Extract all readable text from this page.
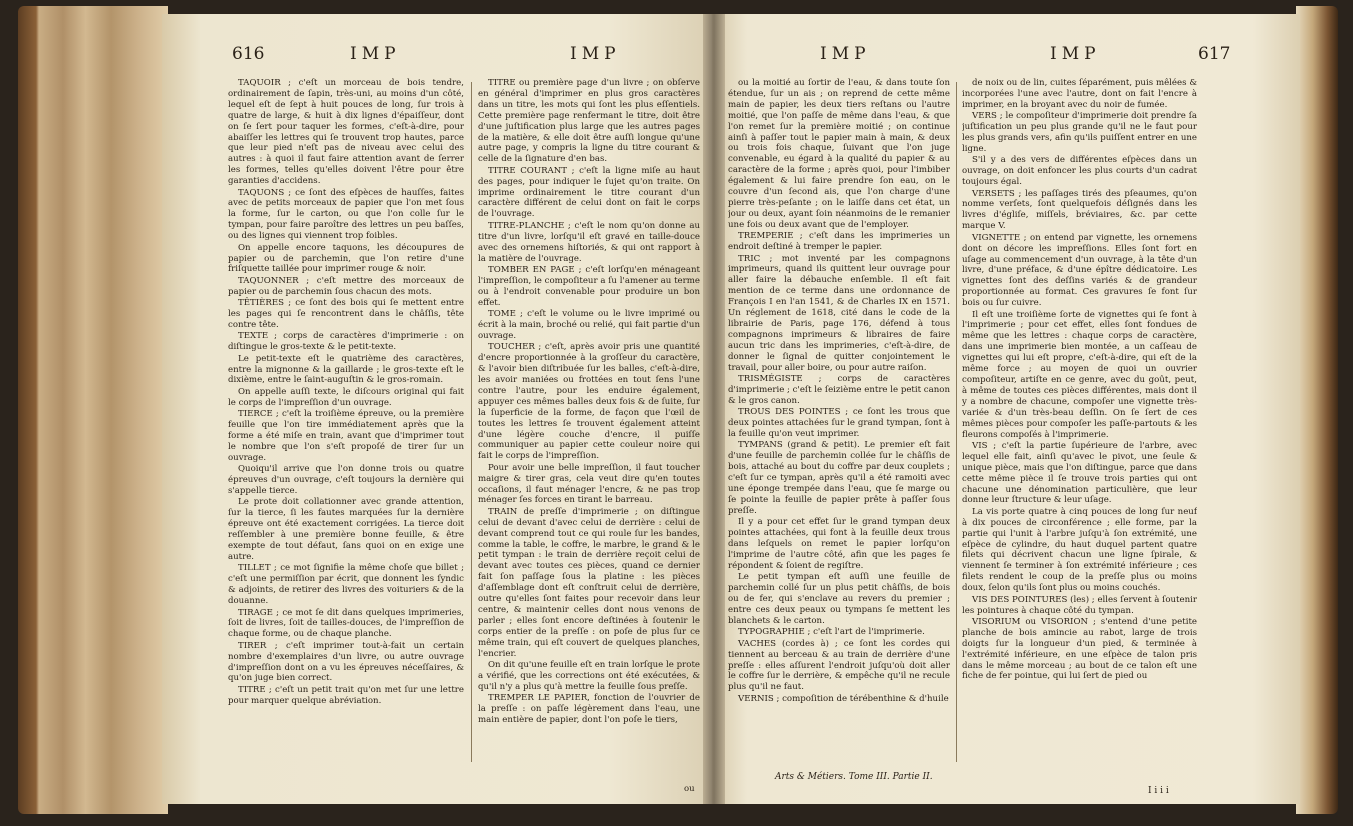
616	IMP	IMP

TAQUOIR ; c'eſt un morceau de bois tendre, ordinairement de ſapin, très-uni, au moins d'un côté, lequel eſt de ſept à huit pouces de long, ſur trois à quatre de large, & huit à dix lignes d'épaiſſeur, dont on ſe ſert pour taquer les formes, c'eſt-à-dire, pour abaiſſer les lettres qui ſe trouvent trop hautes, parce que leur pied n'eſt pas de niveau avec celui des autres : à quoi il faut faire attention avant de ſerrer les formes, telles qu'elles doivent l'être pour être garanties d'accidens.

TAQUONS ; ce ſont des eſpèces de hauſſes, faites avec de petits morceaux de papier que l'on met ſous la forme, ſur le carton, ou que l'on colle ſur le tympan, pour faire paroître des lettres un peu baſſes, ou des lignes qui viennent trop foibles.

On appelle encore taquons, les découpures de papier ou de parchemin, que l'on retire d'une friſquette taillée pour imprimer rouge & noir.

TAQUONNER ; c'eſt mettre des morceaux de papier ou de parchemin ſous chacun des mots.

TÊTIÈRES ; ce ſont des bois qui ſe mettent entre les pages qui ſe rencontrent dans le châſſis, tête contre tête.

TEXTE ; corps de caractères d'imprimerie : on diſtingue le gros-texte & le petit-texte.

Le petit-texte eſt le quatrième des caractères, entre la mignonne & la gaillarde ; le gros-texte eſt le dixième, entre le ſaint-auguſtin & le gros-romain.

On appelle auſſi texte, le diſcours original qui fait le corps de l'impreſſion d'un ouvrage.

TIERCE ; c'eſt la troiſième épreuve, ou la première feuille que l'on tire immédiatement après que la forme a été miſe en train, avant que d'imprimer tout le nombre que l'on s'eſt propoſé de tirer ſur un ouvrage.

Quoiqu'il arrive que l'on donne trois ou quatre épreuves d'un ouvrage, c'eſt toujours la dernière qui s'appelle tierce.

Le prote doit collationner avec grande attention, ſur la tierce, ſi les fautes marquées ſur la dernière épreuve ont été exactement corrigées. La tierce doit reſſembler à une première bonne feuille, & être exempte de tout défaut, ſans quoi on en exige une autre.

TILLET ; ce mot ſignifie la même choſe que billet ; c'eſt une permiſſion par écrit, que donnent les ſyndic & adjoints, de retirer des livres des voituriers & de la douanne.

TIRAGE ; ce mot ſe dit dans quelques imprimeries, ſoit de livres, ſoit de tailles-douces, de l'impreſſion de chaque forme, ou de chaque planche.

TIRER ; c'eſt imprimer tout-à-fait un certain nombre d'exemplaires d'un livre, ou autre ouvrage d'impreſſion dont on a vu les épreuves néceſſaires, & qu'on juge bien correct.

TITRE ; c'eſt un petit trait qu'on met ſur une lettre pour marquer quelque abréviation.

TITRE ou première page d'un livre ; on obſerve en général d'imprimer en plus gros caractères dans un titre, les mots qui ſont les plus eſſentiels. Cette première page renfermant le titre, doit être d'une juſtification plus large que les autres pages de la matière, & elle doit être auſſi longue qu'une autre page, y compris la ligne du titre courant & celle de la ſignature d'en bas.

TITRE COURANT ; c'eſt la ligne miſe au haut des pages, pour indiquer le ſujet qu'on traite. On imprime ordinairement le titre courant d'un caractère différent de celui dont on fait le corps de l'ouvrage.

TITRE-PLANCHE ; c'eſt le nom qu'on donne au titre d'un livre, lorſqu'il eſt gravé en taille-douce avec des ornemens hiſtoriés, & qui ont rapport à la matière de l'ouvrage.

TOMBER EN PAGE ; c'eſt lorſqu'en ménageant l'impreſſion, le compoſiteur a ſu l'amener au terme ou à l'endroit convenable pour produire un bon effet.

TOME ; c'eſt le volume ou le livre imprimé ou écrit à la main, broché ou relié, qui fait partie d'un ouvrage.

TOUCHER ; c'eſt, après avoir pris une quantité d'encre proportionnée à la groſſeur du caractère, & l'avoir bien diſtribuée ſur les balles, c'eſt-à-dire, les avoir maniées ou frottées en tout ſens l'une contre l'autre, pour les enduire également, appuyer ces mêmes balles deux fois & de ſuite, ſur la ſuperficie de la forme, de façon que l'œil de toutes les lettres ſe trouvent également atteint d'une légère couche d'encre, il puiſſe communiquer au papier cette couleur noire qui fait le corps de l'impreſſion.

Pour avoir une belle impreſſion, il faut toucher maigre & tirer gras, cela veut dire qu'en toutes occaſions, il faut ménager l'encre, & ne pas trop ménager ſes forces en tirant le barreau.

TRAIN de preſſe d'imprimerie ; on diſtingue celui de devant d'avec celui de derrière : celui de devant comprend tout ce qui roule ſur les bandes, comme la table, le coffre, le marbre, le grand & le petit tympan : le train de derrière reçoit celui de devant avec toutes ces pièces, quand ce dernier fait ſon paſſage ſous la platine : les pièces d'aſſemblage dont eſt conſtruit celui de derrière, outre qu'elles ſont faites pour recevoir dans leur centre, & maintenir celles dont nous venons de parler ; elles ſont encore deſtinées à ſoutenir le corps entier de la preſſe : on poſe de plus ſur ce même train, qui eſt couvert de quelques planches, l'encrier.

On dit qu'une feuille eſt en train lorſque le prote a vérifié, que les corrections ont été exécutées, & qu'il n'y a plus qu'à mettre la feuille ſous preſſe.

TREMPER LE PAPIER, fonction de l'ouvrier de la preſſe : on paſſe légèrement dans l'eau, une main entière de papier, dont l'on poſe le tiers,

ou
IMP	IMP	617

ou la moitié au ſortir de l'eau, & dans toute ſon étendue, ſur un ais ; on reprend de cette même main de papier, les deux tiers reſtans ou l'autre moitié, que l'on paſſe de même dans l'eau, & que l'on remet ſur la première moitié ; on continue ainſi à paſſer tout le papier main à main, & deux ou trois fois chaque, ſuivant que l'on juge convenable, eu égard à la qualité du papier & au caractère de la forme ; après quoi, pour l'imbiber également & lui faire prendre ſon eau, on le couvre d'un ſecond ais, que l'on charge d'une pierre très-peſante ; on le laiſſe dans cet état, un jour ou deux, ayant ſoin néanmoins de le remanier une fois ou deux avant que de l'employer.

TREMPERIE ; c'eſt dans les imprimeries un endroit deſtiné à tremper le papier.

TRIC ; mot inventé par les compagnons imprimeurs, quand ils quittent leur ouvrage pour aller faire la débauche enſemble. Il eſt fait mention de ce terme dans une ordonnance de François I en l'an 1541, & de Charles IX en 1571. Un réglement de 1618, cité dans le code de la librairie de Paris, page 176, défend à tous compagnons imprimeurs & libraires de faire aucun tric dans les imprimeries, c'eſt-à-dire, de donner le ſignal de quitter conjointement le travail, pour aller boire, ou pour autre raiſon.

TRISMÉGISTE ; corps de caractères d'imprimerie ; c'eſt le ſeizième entre le petit canon & le gros canon.

TROUS DES POINTES ; ce ſont les trous que deux pointes attachées ſur le grand tympan, ſont à la feuille qu'on veut imprimer.

TYMPANS (grand & petit). Le premier eſt fait d'une feuille de parchemin collée ſur le châſſis de bois, attaché au bout du coffre par deux couplets ; c'eſt ſur ce tympan, après qu'il a été ramoiti avec une éponge trempée dans l'eau, que ſe marge ou ſe pointe la feuille de papier prête à paſſer ſous preſſe.

Il y a pour cet effet ſur le grand tympan deux pointes attachées, qui font à la feuille deux trous dans leſquels on remet le papier lorſqu'on l'imprime de l'autre côté, afin que les pages ſe répondent & ſoient de regiſtre.

Le petit tympan eſt auſſi une feuille de parchemin collé ſur un plus petit châſſis, de bois ou de fer, qui s'enclave au revers du premier ; entre ces deux peaux ou tympans ſe mettent les blanchets & le carton.

TYPOGRAPHIE ; c'eſt l'art de l'imprimerie.

VACHES (cordes à) ; ce ſont les cordes qui tiennent au berceau & au train de derrière d'une preſſe : elles aſſurent l'endroit juſqu'où doit aller le coffre ſur le derrière, & empêche qu'il ne recule plus qu'il ne faut.

VERNIS ; compoſition de térébenthine & d'huile

de noix ou de lin, cuites ſéparément, puis mêlées & incorporées l'une avec l'autre, dont on fait l'encre à imprimer, en la broyant avec du noir de fumée.

VERS ; le compoſiteur d'imprimerie doit prendre ſa juſtification un peu plus grande qu'il ne le faut pour les plus grands vers, afin qu'ils puiſſent entrer en une ligne.

S'il y a des vers de différentes eſpèces dans un ouvrage, on doit enfoncer les plus courts d'un cadrat toujours égal.

VERSETS ; les paſſages tirés des pſeaumes, qu'on nomme verſets, ſont quelquefois déſignés dans les livres d'égliſe, miſſels, bréviaires, &c. par cette marque V.

VIGNETTE ; on entend par vignette, les ornemens dont on décore les impreſſions. Elles ſont fort en uſage au commencement d'un ouvrage, à la tête d'un livre, d'une préface, & d'une épître dédicatoire. Les vignettes ſont des deſſins variés & de grandeur proportionnée au format. Ces gravures ſe font ſur bois ou ſur cuivre.

Il eſt une troiſième ſorte de vignettes qui ſe font à l'imprimerie ; pour cet effet, elles ſont fondues de même que les lettres : chaque corps de caractère, dans une imprimerie bien montée, a un caſſeau de vignettes qui lui eſt propre, c'eſt-à-dire, qui eſt de la même force ; au moyen de quoi un ouvrier compoſiteur, artiſte en ce genre, avec du goût, peut, à même de toutes ces pièces différentes, mais dont il y a nombre de chacune, compoſer une vignette très-variée & d'un très-beau deſſin. On ſe ſert de ces mêmes pièces pour compoſer les paſſe-partouts & les fleurons compoſés à l'imprimerie.

VIS ; c'eſt la partie ſupérieure de l'arbre, avec lequel elle fait, ainſi qu'avec le pivot, une ſeule & unique pièce, mais que l'on diſtingue, parce que dans cette même pièce il ſe trouve trois parties qui ont chacune une dénomination particulière, que leur donne leur ſtructure & leur uſage.

La vis porte quatre à cinq pouces de long ſur neuf à dix pouces de circonférence ; elle forme, par la partie qui l'unit à l'arbre juſqu'à ſon extrémité, une eſpèce de cylindre, du haut duquel partent quatre filets qui décrivent chacun une ligne ſpirale, & viennent ſe terminer à ſon extrémité inférieure ; ces filets rendent le coup de la preſſe plus ou moins doux, ſelon qu'ils ſont plus ou moins couchés.

VIS DES POINTURES (les) ; elles ſervent à ſoutenir les pointures à chaque côté du tympan.

VISORIUM ou VISORION ; s'entend d'une petite planche de bois amincie au rabot, large de trois doigts ſur la longueur d'un pied, & terminée à l'extrémité inférieure, en une eſpèce de talon pris dans le même morceau ; au bout de ce talon eſt une fiche de fer pointue, qui lui ſert de pied ou

Arts & Métiers. Tome III. Partie II.
I i i i
